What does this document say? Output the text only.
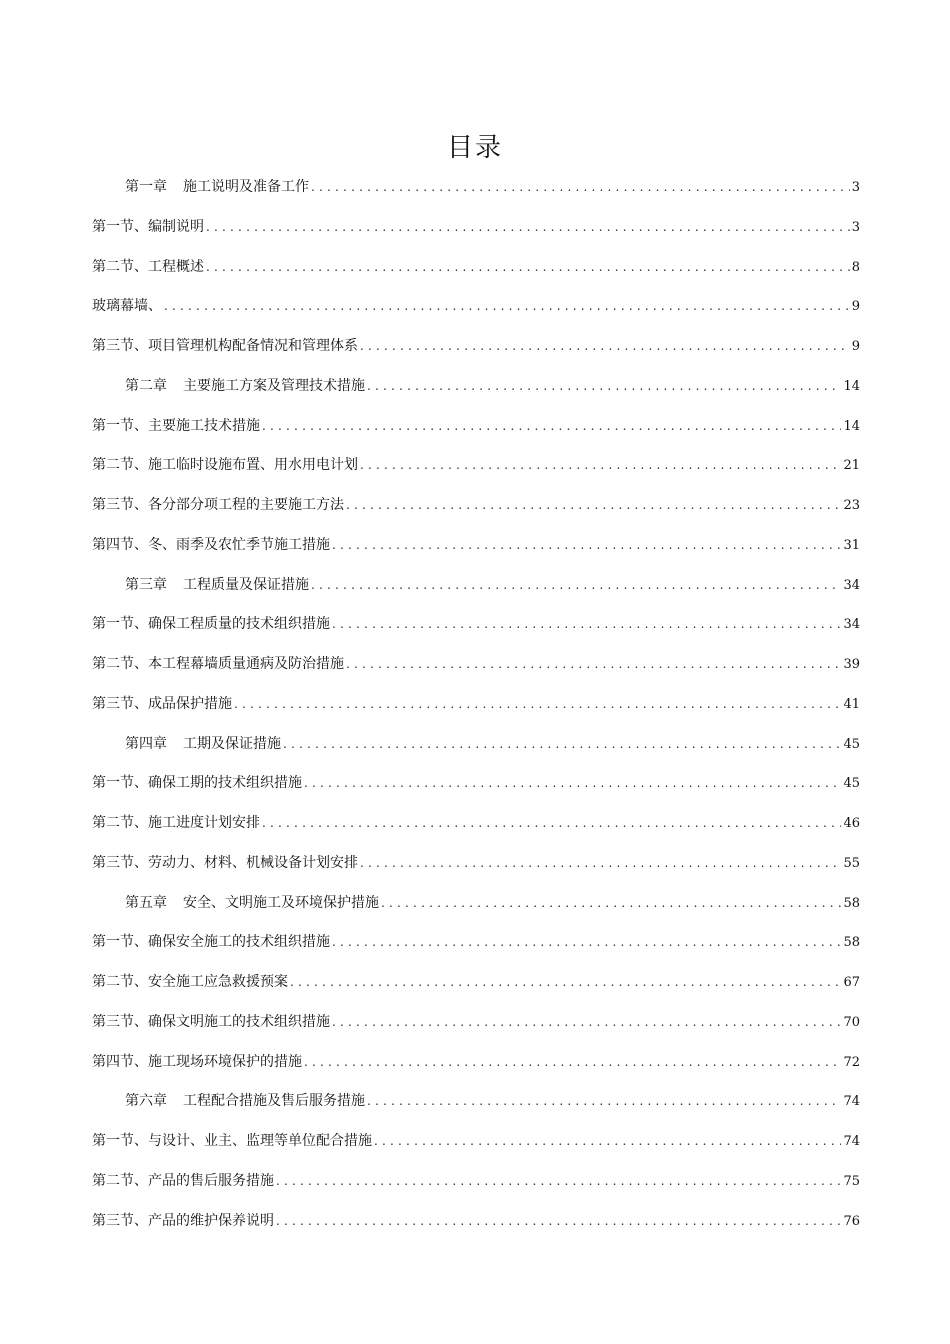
目录
第一章 施工说明及准备工作 .....	3
第一节、编制说明 .....	3
第二节、工程概述 .....	8
玻璃幕墙、 .....	9
第三节、项目管理机构配备情况和管理体系 .....	9
第二章 主要施工方案及管理技术措施 .....	14
第一节、主要施工技术措施 .....	14
第二节、施工临时设施布置、用水用电计划 .....	21
第三节、各分部分项工程的主要施工方法 .....	23
第四节、冬、雨季及农忙季节施工措施 .....	31
第三章 工程质量及保证措施 .....	34
第一节、确保工程质量的技术组织措施 .....	34
第二节、本工程幕墙质量通病及防治措施 .....	39
第三节、成品保护措施 .....	41
第四章 工期及保证措施 .....	45
第一节、确保工期的技术组织措施 .....	45
第二节、施工进度计划安排 .....	46
第三节、劳动力、材料、机械设备计划安排 .....	55
第五章 安全、文明施工及环境保护措施 .....	58
第一节、确保安全施工的技术组织措施 .....	58
第二节、安全施工应急救援预案 .....	67
第三节、确保文明施工的技术组织措施 .....	70
第四节、施工现场环境保护的措施 .....	72
第六章 工程配合措施及售后服务措施 .....	74
第一节、与设计、业主、监理等单位配合措施 .....	74
第二节、产品的售后服务措施 .....	75
第三节、产品的维护保养说明 .....	76
